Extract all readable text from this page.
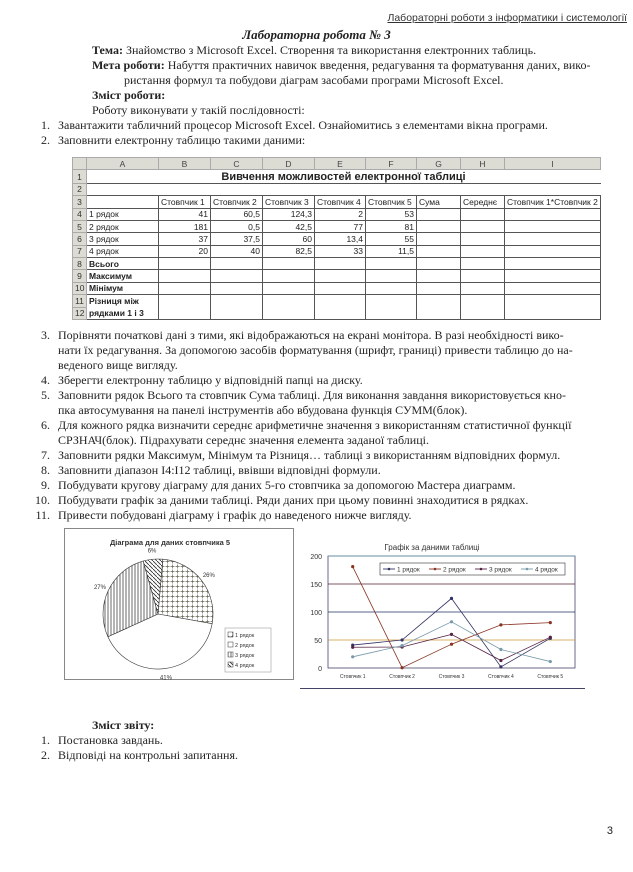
Лабораторні роботи з інформатики і системології
Лабораторна робота № 3
Тема: Знайомство з Microsoft Excel. Створення та використання електронних таблиць.
Мета роботи: Набуття практичних навичок введення, редагування та форматування даних, вико-
ристання формул та побудови діаграм засобами програми Microsoft Excel.
Зміст роботи:
Роботу виконувати у такій послідовності:
1. Завантажити табличний процесор Microsoft Excel. Ознайомитись з елементами вікна програми.
2. Заповнити електронну таблицю такими даними:
	A	B	C	D	E	F	G	H	I
1	Вивчення можливостей електронної таблиці								
2									
3		Стовпчик 1	Стовпчик 2	Стовпчик 3	Стовпчик 4	Стовпчик 5	Сума	Середнє	Стовпчик 1*Стовпчик 2
4	1 рядок	41	60,5	124,3	2	53			
5	2 рядок	181	0,5	42,5	77	81			
6	3 рядок	37	37,5	60	13,4	55			
7	4 рядок	20	40	82,5	33	11,5			
8	Всього								
9	Максимум								
10	Мінімум								
11	Різниця між								
12	рядками 1 і 3								
3. Порівняти початкові дані з тими, які відображаються на екрані монітора. В разі необхідності вико-
нати їх редагування. За допомогою засобів форматування (шрифт, границі) привести таблицю до на-
веденого вище вигляду.
4. Зберегти електронну таблицю у відповідній папці на диску.
5. Заповнити рядок Всього та стовпчик Сума таблиці. Для виконання завдання використовується кно-
пка автосумування на панелі інструментів або вбудована функція СУММ(блок).
6. Для кожного рядка визначити середнє арифметичне значення з використанням статистичної функції
СРЗНАЧ(блок). Підрахувати середнє значення елемента заданої таблиці.
7. Заповнити рядки Максимум, Мінімум та Різниця… таблиці з використанням відповідних формул.
8. Заповнити діапазон I4:I12 таблиці, ввівши відповідні формули.
9. Побудувати кругову діаграму для даних 5-го стовпчика за допомогою Мастера диаграмм.
10. Побудувати графік за даними таблиці. Ряди даних при цьому повинні знаходитися в рядках.
11. Привести побудовані діаграму і графік до наведеного нижче вигляду.
Діаграма для даних стовпчика 5
26%
41%
27%
6%
1 рядок
2 рядок
3 рядок
4 рядок
Графік за даними таблиці
0
50
100
150
200
Стовпчик 1	Стовпчик 2	Стовпчик 3	Стовпчик 4	Стовпчик 5
1 рядок	2 рядок	3 рядок	4 рядок
Зміст звіту:
1. Постановка завдань.
2. Відповіді на контрольні запитання.
3
